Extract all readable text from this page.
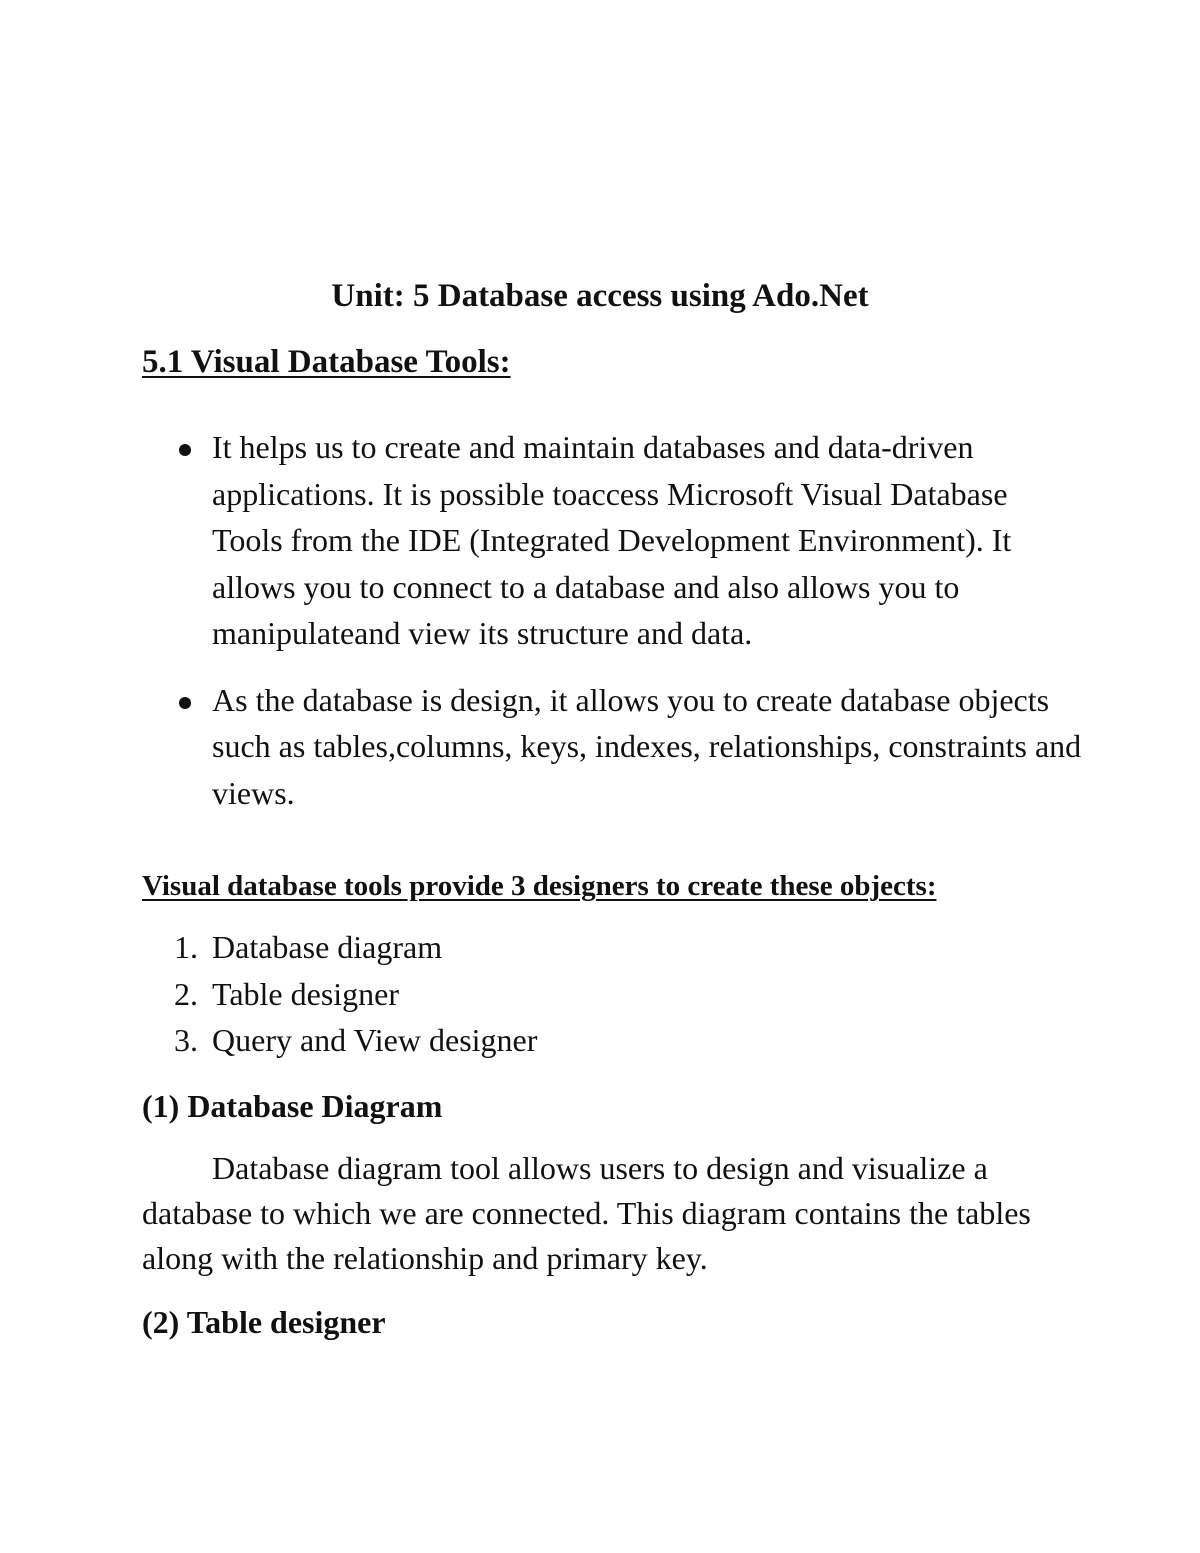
Unit: 5 Database access using Ado.Net
5.1 Visual Database Tools:
It helps us to create and maintain databases and data-driven applications. It is possible toaccess Microsoft Visual Database Tools from the IDE (Integrated Development Environment). It allows you to connect to a database and also allows you to manipulateand view its structure and data.
As the database is design, it allows you to create database objects such as tables,columns, keys, indexes, relationships, constraints and views.
Visual database tools provide 3 designers to create these objects:
1. Database diagram
2. Table designer
3. Query and View designer
(1) Database Diagram

Database diagram tool allows users to design and visualize a database to which we are connected. This diagram contains the tables along with the relationship and primary key.

(2) Table designer
